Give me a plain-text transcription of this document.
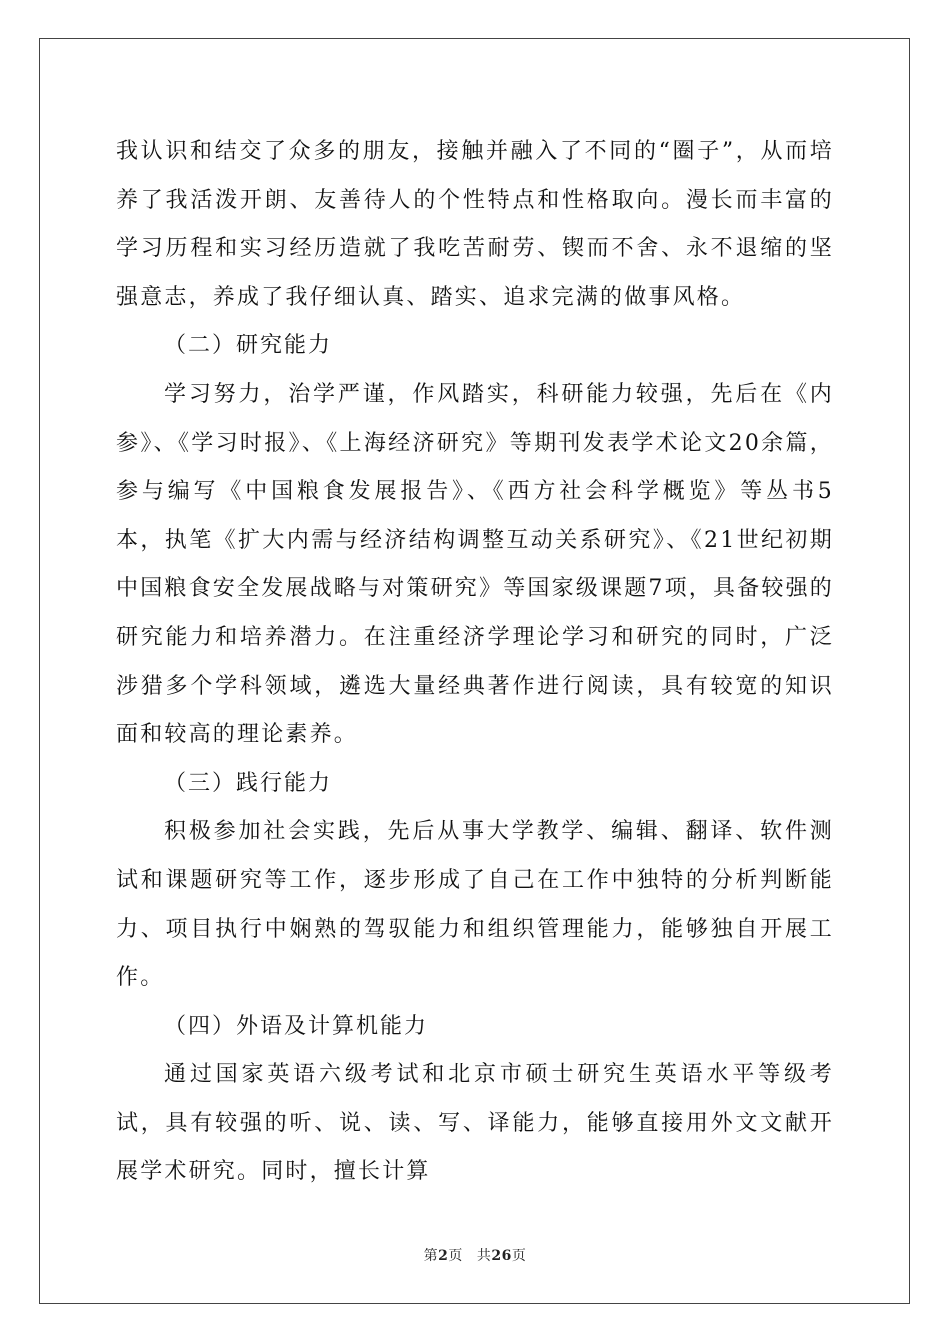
我认识和结交了众多的朋友，接触并融入了不同的“圈子”，从而培养了我活泼开朗、友善待人的个性特点和性格取向。漫长而丰富的学习历程和实习经历造就了我吃苦耐劳、锲而不舍、永不退缩的坚强意志，养成了我仔细认真、踏实、追求完满的做事风格。

（二）研究能力

学习努力，治学严谨，作风踏实，科研能力较强，先后在《内参》、《学习时报》、《上海经济研究》等期刊发表学术论文20余篇，参与编写《中国粮食发展报告》、《西方社会科学概览》等丛书5本，执笔《扩大内需与经济结构调整互动关系研究》、《21世纪初期中国粮食安全发展战略与对策研究》等国家级课题7项，具备较强的研究能力和培养潜力。在注重经济学理论学习和研究的同时，广泛涉猎多个学科领域，遴选大量经典著作进行阅读，具有较宽的知识面和较高的理论素养。

（三）践行能力

积极参加社会实践，先后从事大学教学、编辑、翻译、软件测试和课题研究等工作，逐步形成了自己在工作中独特的分析判断能力、项目执行中娴熟的驾驭能力和组织管理能力，能够独自开展工作。

（四）外语及计算机能力

通过国家英语六级考试和北京市硕士研究生英语水平等级考试，具有较强的听、说、读、写、译能力，能够直接用外文文献开展学术研究。同时，擅长计算

第2页 共26页
